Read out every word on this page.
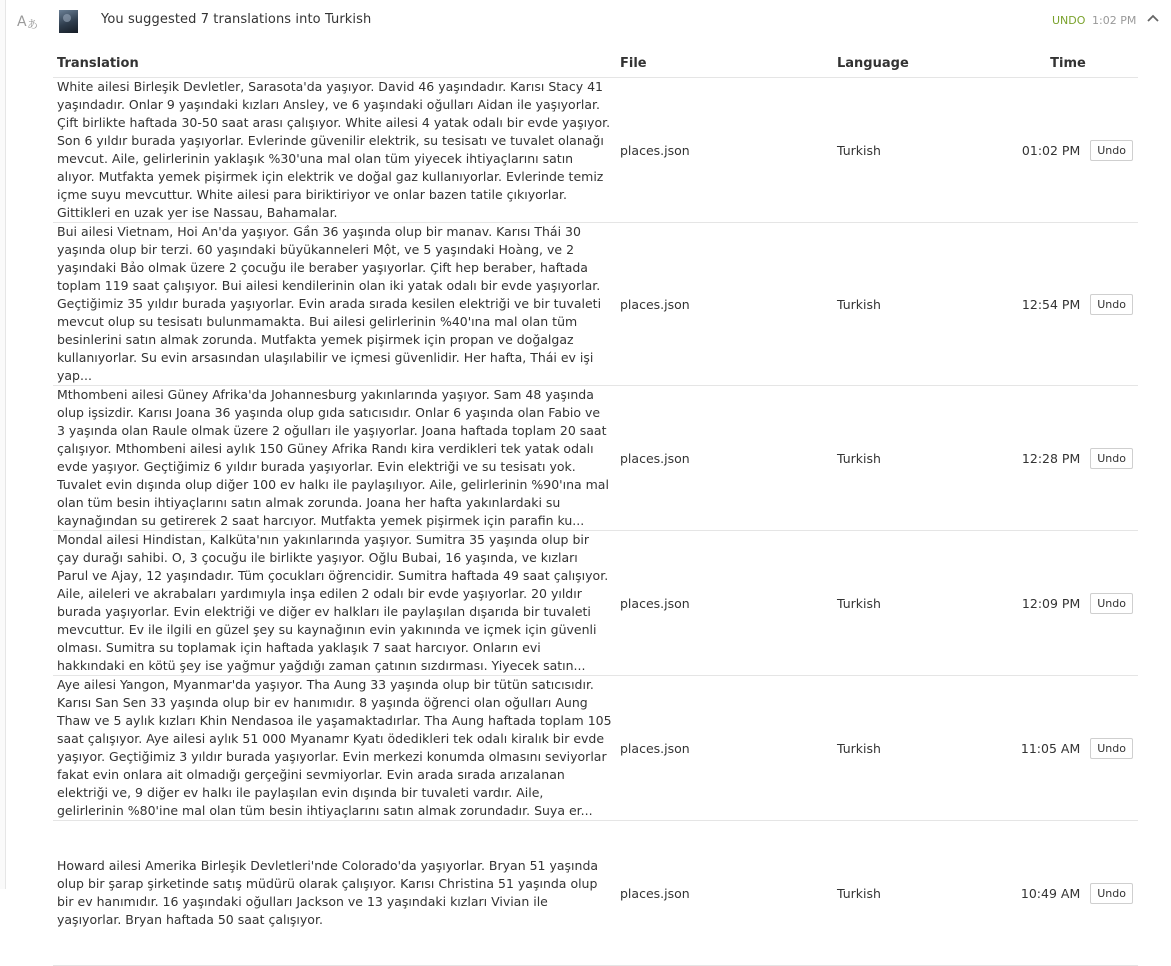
A あ	You suggested 7 translations into Turkish	UNDO 1:02 PM
Translation	File	Language	Time
White ailesi Birleşik Devletler, Sarasota'da yaşıyor. David 46 yaşındadır. Karısı Stacy 41 yaşındadır. Onlar 9 yaşındaki kızları Ansley, ve 6 yaşındaki oğulları Aidan ile yaşıyorlar. Çift birlikte haftada 30-50 saat arası çalışıyor. White ailesi 4 yatak odalı bir evde yaşıyor. Son 6 yıldır burada yaşıyorlar. Evlerinde güvenilir elektrik, su tesisatı ve tuvalet olanağı mevcut. Aile, gelirlerinin yaklaşık %30'una mal olan tüm yiyecek ihtiyaçlarını satın alıyor. Mutfakta yemek pişirmek için elektrik ve doğal gaz kullanıyorlar. Evlerinde temiz içme suyu mevcuttur. White ailesi para biriktiriyor ve onlar bazen tatile çıkıyorlar. Gittikleri en uzak yer ise Nassau, Bahamalar.	places.json	Turkish	01:02 PM Undo
Bui ailesi Vietnam, Hoi An'da yaşıyor. Gần 36 yaşında olup bir manav. Karısı Thái 30 yaşında olup bir terzi. 60 yaşındaki büyükanneleri Một, ve 5 yaşındaki Hoàng, ve 2 yaşındaki Bảo olmak üzere 2 çocuğu ile beraber yaşıyorlar. Çift hep beraber, haftada toplam 119 saat çalışıyor. Bui ailesi kendilerinin olan iki yatak odalı bir evde yaşıyorlar. Geçtiğimiz 35 yıldır burada yaşıyorlar. Evin arada sırada kesilen elektriği ve bir tuvaleti mevcut olup su tesisatı bulunmamakta. Bui ailesi gelirlerinin %40'ına mal olan tüm besinlerini satın almak zorunda. Mutfakta yemek pişirmek için propan ve doğalgaz kullanıyorlar. Su evin arsasından ulaşılabilir ve içmesi güvenlidir. Her hafta, Thái ev işi yap...	places.json	Turkish	12:54 PM Undo
Mthombeni ailesi Güney Afrika'da Johannesburg yakınlarında yaşıyor. Sam 48 yaşında olup işsizdir. Karısı Joana 36 yaşında olup gıda satıcısıdır. Onlar 6 yaşında olan Fabio ve 3 yaşında olan Raule olmak üzere 2 oğulları ile yaşıyorlar. Joana haftada toplam 20 saat çalışıyor. Mthombeni ailesi aylık 150 Güney Afrika Randı kira verdikleri tek yatak odalı evde yaşıyor. Geçtiğimiz 6 yıldır burada yaşıyorlar. Evin elektriği ve su tesisatı yok. Tuvalet evin dışında olup diğer 100 ev halkı ile paylaşılıyor. Aile, gelirlerinin %90'ına mal olan tüm besin ihtiyaçlarını satın almak zorunda. Joana her hafta yakınlardaki su kaynağından su getirerek 2 saat harcıyor. Mutfakta yemek pişirmek için parafin ku...	places.json	Turkish	12:28 PM Undo
Mondal ailesi Hindistan, Kalküta'nın yakınlarında yaşıyor. Sumitra 35 yaşında olup bir çay durağı sahibi. O, 3 çocuğu ile birlikte yaşıyor. Oğlu Bubai, 16 yaşında, ve kızları Parul ve Ajay, 12 yaşındadır. Tüm çocukları öğrencidir. Sumitra haftada 49 saat çalışıyor. Aile, aileleri ve akrabaları yardımıyla inşa edilen 2 odalı bir evde yaşıyorlar. 20 yıldır burada yaşıyorlar. Evin elektriği ve diğer ev halkları ile paylaşılan dışarıda bir tuvaleti mevcuttur. Ev ile ilgili en güzel şey su kaynağının evin yakınında ve içmek için güvenli olması. Sumitra su toplamak için haftada yaklaşık 7 saat harcıyor. Onların evi hakkındaki en kötü şey ise yağmur yağdığı zaman çatının sızdırması. Yiyecek satın...	places.json	Turkish	12:09 PM Undo
Aye ailesi Yangon, Myanmar'da yaşıyor. Tha Aung 33 yaşında olup bir tütün satıcısıdır. Karısı San Sen 33 yaşında olup bir ev hanımıdır. 8 yaşında öğrenci olan oğulları Aung Thaw ve 5 aylık kızları Khin Nendasoa ile yaşamaktadırlar. Tha Aung haftada toplam 105 saat çalışıyor. Aye ailesi aylık 51 000 Myanamr Kyatı ödedikleri tek odalı kiralık bir evde yaşıyor. Geçtiğimiz 3 yıldır burada yaşıyorlar. Evin merkezi konumda olmasını seviyorlar fakat evin onlara ait olmadığı gerçeğini sevmiyorlar. Evin arada sırada arızalanan elektriği ve, 9 diğer ev halkı ile paylaşılan evin dışında bir tuvaleti vardır. Aile, gelirlerinin %80'ine mal olan tüm besin ihtiyaçlarını satın almak zorundadır. Suya er...	places.json	Turkish	11:05 AM Undo
Howard ailesi Amerika Birleşik Devletleri'nde Colorado'da yaşıyorlar. Bryan 51 yaşında olup bir şarap şirketinde satış müdürü olarak çalışıyor. Karısı Christina 51 yaşında olup bir ev hanımıdır. 16 yaşındaki oğulları Jackson ve 13 yaşındaki kızları Vivian ile yaşıyorlar. Bryan haftada 50 saat çalışıyor.	places.json	Turkish	10:49 AM Undo
